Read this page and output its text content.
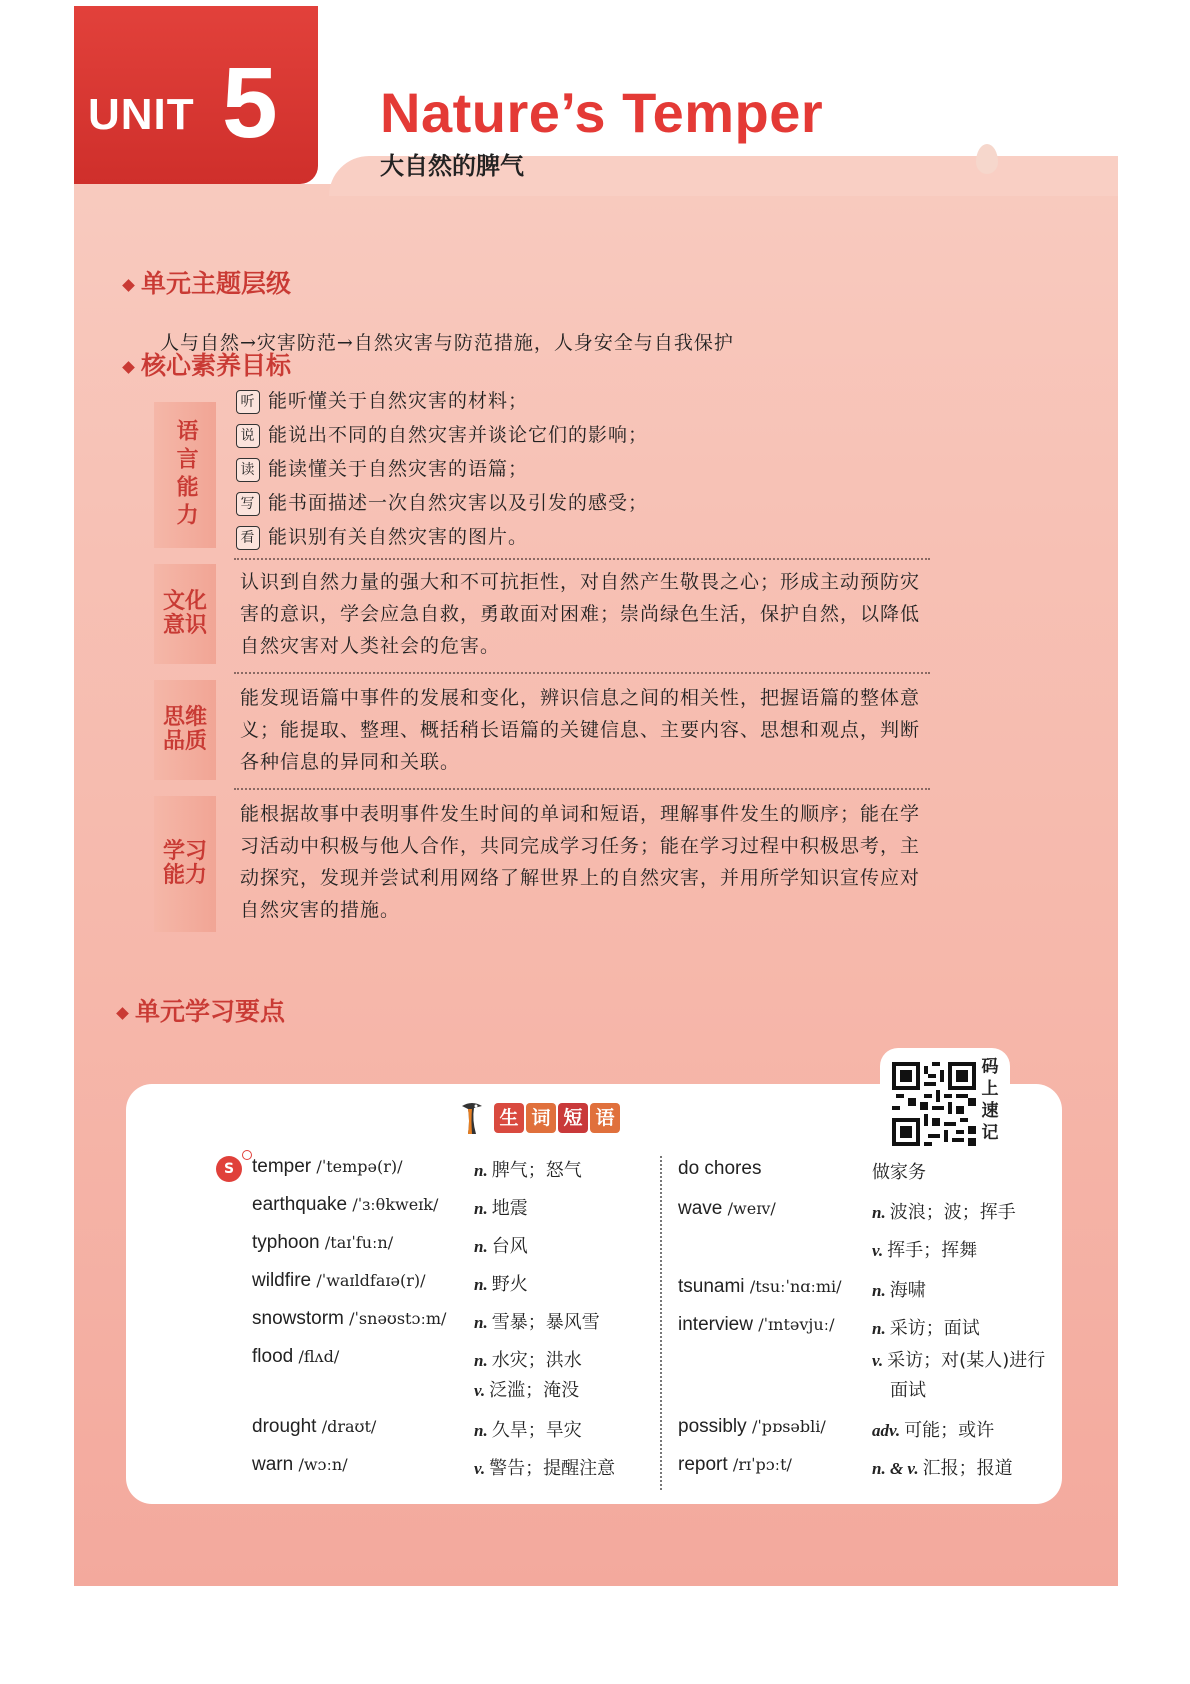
UNIT 5 Nature’s Temper
大自然的脾气
单元主题层级
人与自然→灾害防范→自然灾害与防范措施，人身安全与自我保护
核心素养目标
语言能力
听 能听懂关于自然灾害的材料；
说 能说出不同的自然灾害并谈论它们的影响；
读 能读懂关于自然灾害的语篇；
写 能书面描述一次自然灾害以及引发的感受；
看 能识别有关自然灾害的图片。
文化意识
认识到自然力量的强大和不可抗拒性，对自然产生敬畏之心；形成主动预防灾害的意识，学会应急自救，勇敢面对困难；崇尚绿色生活，保护自然，以降低自然灾害对人类社会的危害。
思维品质
能发现语篇中事件的发展和变化，辨识信息之间的相关性，把握语篇的整体意义；能提取、整理、概括稍长语篇的关键信息、主要内容、思想和观点，判断各种信息的异同和关联。
学习能力
能根据故事中表明事件发生时间的单词和短语，理解事件发生的顺序；能在学习活动中积极与他人合作，共同完成学习任务；能在学习过程中积极思考，主动探究，发现并尝试利用网络了解世界上的自然灾害，并用所学知识宣传应对自然灾害的措施。
单元学习要点
码上速记
生 词 短 语
S temper /ˈtempə(r)/	n. 脾气；怒气
earthquake /ˈɜːθkweɪk/ n. 地震
typhoon /taɪˈfuːn/	n. 台风
wildfire /ˈwaɪldfaɪə(r)/	n. 野火
snowstorm /ˈsnəʊstɔːm/ n. 雪暴；暴风雪
flood /flʌd/	n. 水灾；洪水
v. 泛滥；淹没
drought /draʊt/	n. 久旱；旱灾
warn /wɔːn/	v. 警告；提醒注意
do chores	做家务
wave /weɪv/	n. 波浪；波；挥手
v. 挥手；挥舞
tsunami /tsuːˈnɑːmi/ n. 海啸
interview /ˈɪntəvjuː/ n. 采访；面试
v. 采访；对(某人)进行
面试
possibly /ˈpɒsəbli/	adv. 可能；或许
report /rɪˈpɔːt/	n. & v. 汇报；报道
